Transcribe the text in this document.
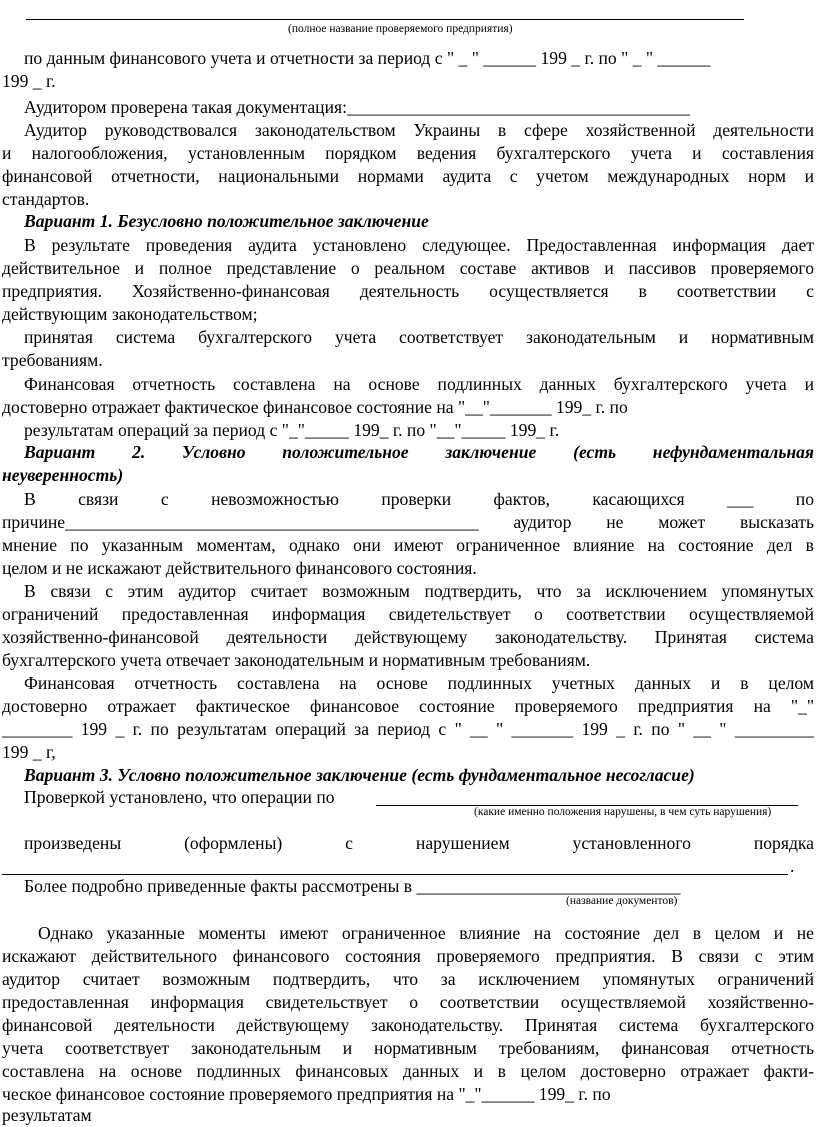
(полное название проверяемого предприятия)
по данным финансового учета и отчетности за период с " _ " ______ 199 _ г. по " _ " ______
199 _ г.
Аудитором проверена такая документация:_______________________________________
Аудитор руководствовался законодательством Украины в сфере хозяйственной деятельности
и налогообложения, установленным порядком ведения бухгалтерского учета и составления
финансовой отчетности, национальными нормами аудита с учетом международных норм и
стандартов.
Вариант 1. Безусловно положительное заключение
В результате проведения аудита установлено следующее. Предоставленная информация дает
действительное и полное представление о реальном составе активов и пассивов проверяемого
предприятия. Хозяйственно-финансовая деятельность осуществляется в соответствии с
действующим законодательством;
принятая система бухгалтерского учета соответствует законодательным и нормативным
требованиям.
Финансовая отчетность составлена на основе подлинных данных бухгалтерского учета и
достоверно отражает фактическое финансовое состояние на "__"_______ 199_ г. по
результатам операций за период с "_"_____ 199_ г. по "__"_____ 199_ г.
Вариант 2. Условно положительное заключение (есть нефундаментальная
неуверенность)
В связи с невозможностью проверки фактов, касающихся ___ по
причине_______________________________________________ аудитор не может высказать
мнение по указанным моментам, однако они имеют ограниченное влияние на состояние дел в
целом и не искажают действительного финансового состояния.
В связи с этим аудитор считает возможным подтвердить, что за исключением упомянутых
ограничений предоставленная информация свидетельствует о соответствии осуществляемой
хозяйственно-финансовой деятельности действующему законодательству. Принятая система
бухгалтерского учета отвечает законодательным и нормативным требованиям.
Финансовая отчетность составлена на основе подлинных учетных данных и в целом
достоверно отражает фактическое финансовое состояние проверяемого предприятия на "_"
________ 199 _ г. по результатам операций за период с " __ " _______ 199 _ г. по " __ " _________
199 _ г,
Вариант 3. Условно положительное заключение (есть фундаментальное несогласие)
Проверкой установлено, что операции по
(какие именно положения нарушены, в чем суть нарушения)
произведены (оформлены) с нарушением установленного порядка
.
Более подробно приведенные факты рассмотрены в ______________________________
(название документов)
Однако указанные моменты имеют ограниченное влияние на состояние дел в целом и не
искажают действительного финансового состояния проверяемого предприятия. В связи с этим
аудитор считает возможным подтвердить, что за исключением упомянутых ограничений
предоставленная информация свидетельствует о соответствии осуществляемой хозяйственно-
финансовой деятельности действующему законодательству. Принятая система бухгалтерского
учета соответствует законодательным и нормативным требованиям, финансовая отчетность
составлена на основе подлинных финансовых данных и в целом достоверно отражает факти-
ческое финансовое состояние проверяемого предприятия на "_"______ 199_ г. по
результатам
